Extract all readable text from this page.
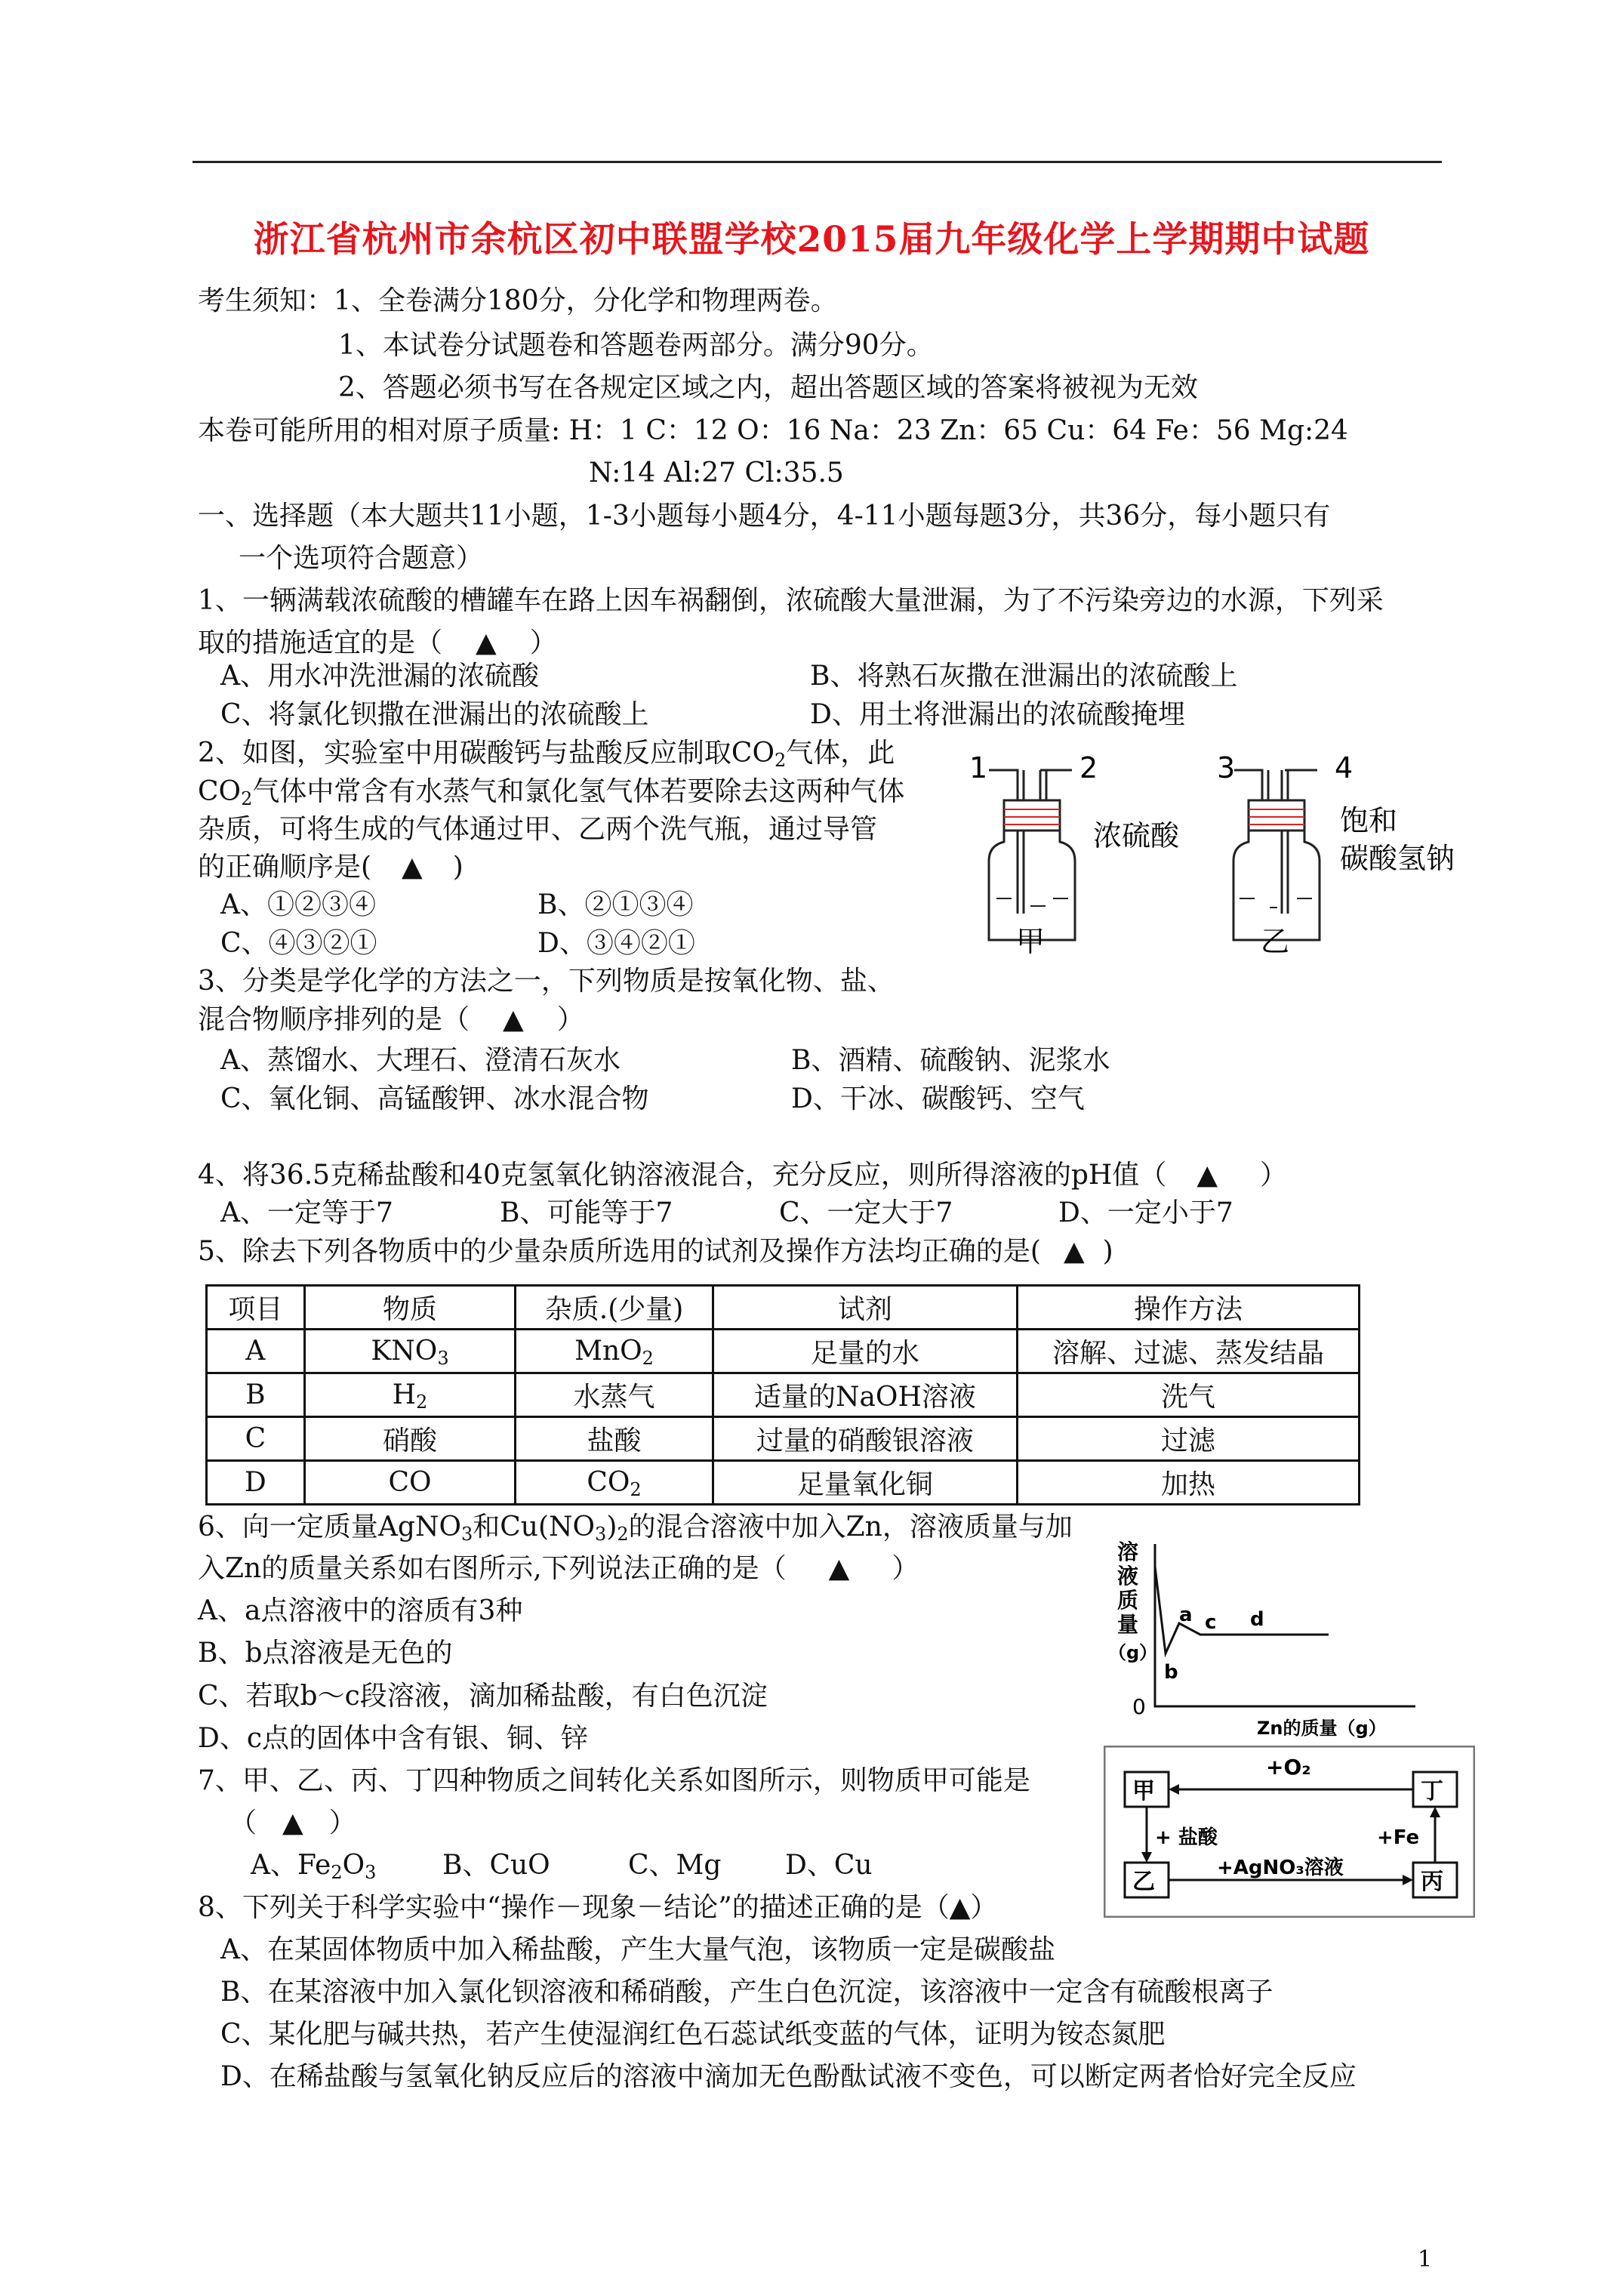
浙江省杭州市余杭区初中联盟学校2015届九年级化学上学期期中试题
考生须知：1、全卷满分180分，分化学和物理两卷。
1、本试卷分试题卷和答题卷两部分。满分90分。
2、答题必须书写在各规定区域之内，超出答题区域的答案将被视为无效
本卷可能所用的相对原子质量: H：1 C：12 O：16 Na：23 Zn：65 Cu：64 Fe：56 Mg:24
N:14 Al:27 Cl:35.5
一、选择题（本大题共11小题，1-3小题每小题4分，4-11小题每题3分，共36分，每小题只有
一个选项符合题意）
1、一辆满载浓硫酸的槽罐车在路上因车祸翻倒，浓硫酸大量泄漏，为了不污染旁边的水源，下列采
取的措施适宜的是（ ▲ ）
A、用水冲洗泄漏的浓硫酸	B、将熟石灰撒在泄漏出的浓硫酸上
C、将氯化钡撒在泄漏出的浓硫酸上	D、用土将泄漏出的浓硫酸掩埋
2、如图，实验室中用碳酸钙与盐酸反应制取$CO_2$气体，此
$CO_2$气体中常含有水蒸气和氯化氢气体若要除去这两种气体
杂质，可将生成的气体通过甲、乙两个洗气瓶，通过导管
的正确顺序是( ▲ )
A、①②③④	B、②①③④
C、④③②①	D、③④②①
1	2	3	4
浓硫酸	饱和
碳酸氢钠
甲	乙
3、分类是学化学的方法之一，下列物质是按氧化物、盐、
混合物顺序排列的是（ ▲ ）
A、蒸馏水、大理石、澄清石灰水	B、酒精、硫酸钠、泥浆水
C、氧化铜、高锰酸钾、冰水混合物	D、干冰、碳酸钙、空气
4、将36.5克稀盐酸和40克氢氧化钠溶液混合，充分反应，则所得溶液的pH值（ ▲ ）
A、一定等于7	B、可能等于7	C、一定大于7	D、一定小于7
5、除去下列各物质中的少量杂质所选用的试剂及操作方法均正确的是( ▲ )
项目	物质	杂质.(少量)	试剂	操作方法
A	$KNO_3$	MnO$_2$	足量的水	溶解、过滤、蒸发结晶
B	$H_2$	水蒸气	适量的NaOH溶液	洗气
C	硝酸	盐酸	过量的硝酸银溶液	过滤
D	CO	$CO_2$	足量氧化铜	加热
6、向一定质量AgNO$_3$和$Cu(NO_3)_2$的混合溶液中加入Zn，溶液质量与加
入Zn的质量关系如右图所示,下列说法正确的是（ ▲ ）
A、a点溶液中的溶质有3种
B、b点溶液是无色的
C、若取b～c段溶液，滴加稀盐酸，有白色沉淀
D、c点的固体中含有银、铜、锌
溶
液
质
量
（g）
0
a
b
c d
Zn的质量（g）
7、甲、乙、丙、丁四种物质之间转化关系如图所示，则物质甲可能是
（ ▲ ）
A、$Fe_2O_3$ B、CuO	C、Mg D、Cu
甲	丁
乙	丙
+O₂
+ 盐酸	+Fe
+AgNO₃溶液
8、下列关于科学实验中“操作－现象－结论”的描述正确的是（▲）
A、在某固体物质中加入稀盐酸，产生大量气泡，该物质一定是碳酸盐
B、在某溶液中加入氯化钡溶液和稀硝酸，产生白色沉淀，该溶液中一定含有硫酸根离子
C、某化肥与碱共热，若产生使湿润红色石蕊试纸变蓝的气体，证明为铵态氮肥
D、在稀盐酸与氢氧化钠反应后的溶液中滴加无色酚酞试液不变色，可以断定两者恰好完全反应
1
